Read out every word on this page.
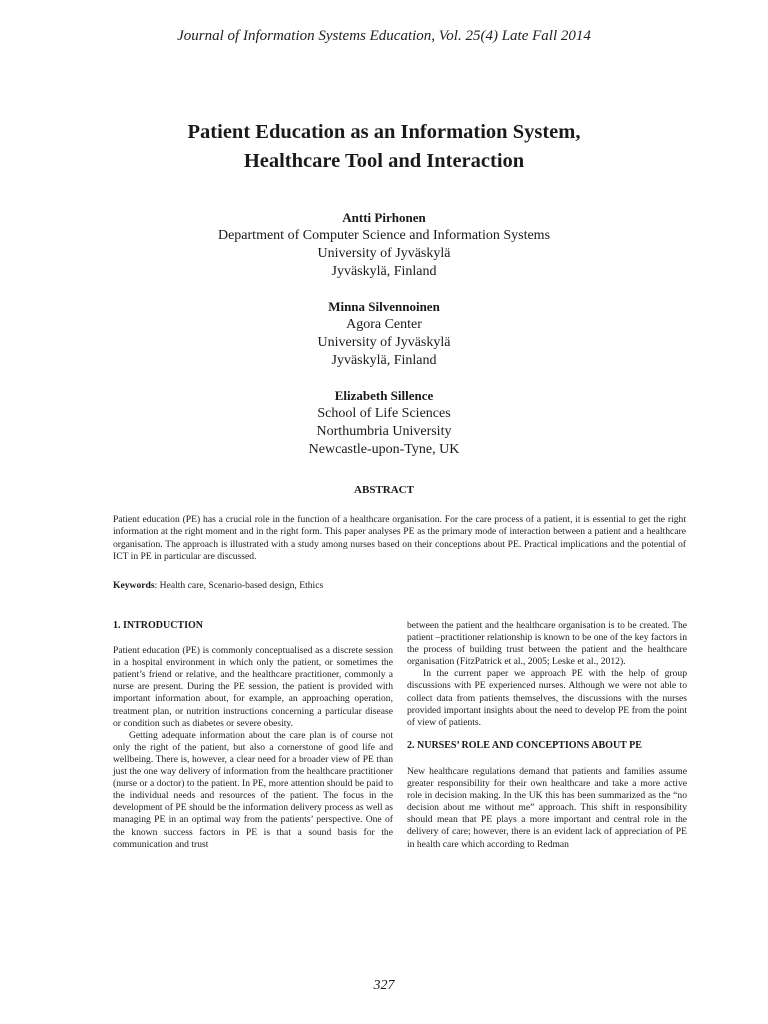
Journal of Information Systems Education, Vol. 25(4) Late Fall 2014
Patient Education as an Information System,
Healthcare Tool and Interaction
Antti Pirhonen
Department of Computer Science and Information Systems
University of Jyväskylä
Jyväskylä, Finland
Minna Silvennoinen
Agora Center
University of Jyväskylä
Jyväskylä, Finland
Elizabeth Sillence
School of Life Sciences
Northumbria University
Newcastle-upon-Tyne, UK
ABSTRACT

Patient education (PE) has a crucial role in the function of a healthcare organisation. For the care process of a patient, it is essential to get the right information at the right moment and in the right form. This paper analyses PE as the primary mode of interaction between a patient and a healthcare organisation. The approach is illustrated with a study among nurses based on their conceptions about PE. Practical implications and the potential of ICT in PE in particular are discussed.

Keywords: Health care, Scenario-based design, Ethics

1. INTRODUCTION

Patient education (PE) is commonly conceptualised as a discrete session in a hospital environment in which only the patient, or sometimes the patient’s friend or relative, and the healthcare practitioner, commonly a nurse are present. During the PE session, the patient is provided with important information about, for example, an approaching operation, treatment plan, or nutrition instructions concerning a particular disease or condition such as diabetes or severe obesity.

Getting adequate information about the care plan is of course not only the right of the patient, but also a cornerstone of good life and wellbeing. There is, however, a clear need for a broader view of PE than just the one way delivery of information from the healthcare practitioner (nurse or a doctor) to the patient. In PE, more attention should be paid to the individual needs and resources of the patient. The focus in the development of PE should be the information delivery process as well as managing PE in an optimal way from the patients’ perspective. One of the known success factors in PE is that a sound basis for the communication and trust

between the patient and the healthcare organisation is to be created. The patient –practitioner relationship is known to be one of the key factors in the process of building trust between the patient and the healthcare organisation (FitzPatrick et al., 2005; Leske et al., 2012).

In the current paper we approach PE with the help of group discussions with PE experienced nurses. Although we were not able to collect data from patients themselves, the discussions with the nurses provided important insights about the need to develop PE from the point of view of patients.

2. NURSES’ ROLE AND CONCEPTIONS ABOUT PE

New healthcare regulations demand that patients and families assume greater responsibility for their own healthcare and take a more active role in decision making. In the UK this has been summarized as the “no decision about me without me” approach. This shift in responsibility should mean that PE plays a more important and central role in the delivery of care; however, there is an evident lack of appreciation of PE in health care which according to Redman

327
